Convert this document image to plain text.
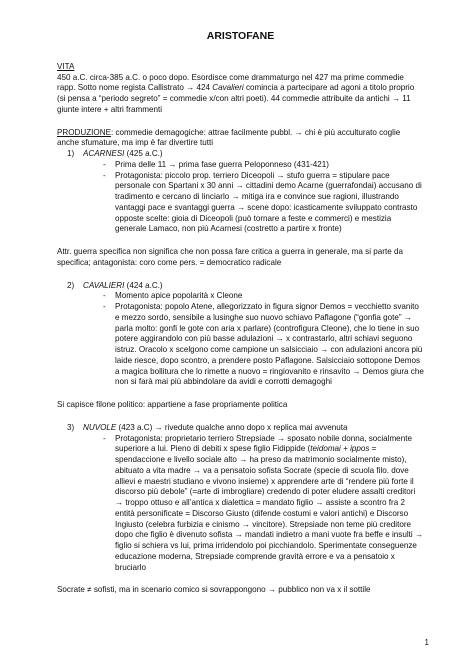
ARISTOFANE

VITA

450 a.C. circa-385 a.C. o poco dopo. Esordisce come drammaturgo nel 427 ma prime commedie rapp. Sotto nome regista Callistrato → 424 Cavalieri comincia a partecipare ad agoni a titolo proprio (si pensa a “periodo segreto” = commedie x/con altri poeti). 44 commedie attribuite da antichi → 11 giunte intere + altri frammenti

PRODUZIONE: commedie demagogiche: attrae facilmente pubbl. → chi è più acculturato coglie anche sfumature, ma imp è far divertire tutti

1)	ACARNESI (425 a.C.)
-	Prima delle 11 → prima fase guerra Peloponneso (431-421)
-	Protagonista: piccolo prop. terriero Diceopoli → stufo guerra = stipulare pace personale con Spartani x 30 anni → cittadini demo Acarne (guerrafondai) accusano di tradimento e cercano di linciarlo → mitiga ira e convince sue ragioni, illustrando vantaggi pace e svantaggi guerra → scene dopo: icasticamente sviluppato contrasto opposte scelte: gioia di Diceopoli (può tornare a feste e commerci) e mestizia generale Lamaco, non più Acarnesi (costretto a partire x fronte)

Attr. guerra specifica non significa che non possa fare critica a guerra in generale, ma si parte da specifica; antagonista: coro come pers. = democratico radicale

2)	CAVALIERI (424 a.C.)
-	Momento apice popolarità x Cleone
-	Protagonista: popolo Atene, allegorizzato in figura signor Demos = vecchietto svanito e mezzo sordo, sensibile a lusinghe suo nuovo schiavo Paflagone (“gonfia gote” → parla molto: gonfi le gote con aria x parlare) (controfigura Cleone), che lo tiene in suo potere aggirandolo con più basse adulazioni → x contrastarlo, altri schiavi seguono istruz. Oracolo x scelgono come campione un salsicciaio → con adulazioni ancora più laide riesce, dopo scontro, a prendere posto Paflagone. Salsicciaio sottopone Demos a magica bollitura che lo rimette a nuovo = ringiovanito e rinsavito → Demos giura che non si farà mai più abbindolare da avidi e corrotti demagoghi

Si capisce filone politico: appartiene a fase propriamente politica

3)	NUVOLE (423 a.C) → rivedute qualche anno dopo x replica mai avvenuta
-	Protagonista: proprietario terriero Strepsiade → sposato nobile donna, socialmente superiore a lui. Pieno di debiti x spese figlio Fidippide (teidomai + ippos = spendaccione e livello sociale alto → ha preso da matrimonio socialmente misto), abituato a vita madre → va a pensatoio sofista Socrate (specie di scuola filo. dove allievi e maestri studiano e vivono insieme) x apprendere arte di “rendere più forte il discorso più debole” (=arte di imbrogliare) credendo di poter eludere assalti creditori → troppo ottuso e all’antica x dialettica = mandato figlio → assiste a scontro fra 2 entità personificate = Discorso Giusto (difende costumi e valori antichi) e Discorso Ingiusto (celebra furbizia e cinismo → vincitore). Strepsiade non teme più creditore dopo che figlio è divenuto sofista → mandati indietro a mani vuote fra beffe e insulti → figlio si schiera vs lui, prima irridendolo poi picchiandolo. Sperimentate conseguenze educazione moderna, Strepsiade comprende gravità errore e va a pensatoio x bruciarlo

Socrate ≠ sofisti, ma in scenario comico si sovrappongono → pubblico non va x il sottile

1
